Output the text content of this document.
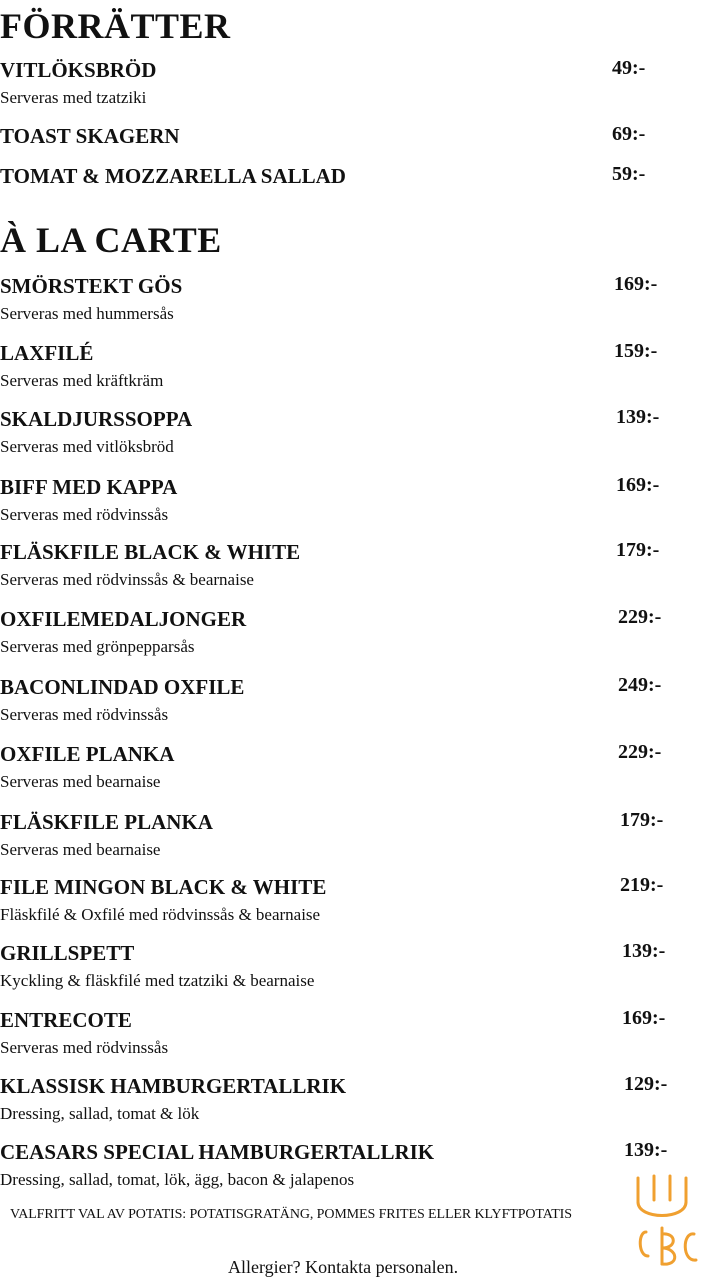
FÖRRÄTTER
VITLÖKSBRÖD
Serveras med tzatziki
49:-
TOAST SKAGERN	69:-
TOMAT & MOZZARELLA SALLAD	59:-
À LA CARTE
SMÖRSTEKT GÖS
Serveras med hummersås
169:-
LAXFILÉ
Serveras med kräftkräm
159:-
SKALDJURSSOPPA
Serveras med vitlöksbröd
139:-
BIFF MED KAPPA
Serveras med rödvinssås
169:-
FLÄSKFILE BLACK & WHITE
Serveras med rödvinssås & bearnaise
179:-
OXFILEMEDALJONGER
Serveras med grönpepparsås
229:-
BACONLINDAD OXFILE
Serveras med rödvinssås
249:-
OXFILE PLANKA
Serveras med bearnaise
229:-
FLÄSKFILE PLANKA
Serveras med bearnaise
179:-
FILE MINGON BLACK & WHITE
Fläskfilé & Oxfilé med rödvinssås & bearnaise
219:-
GRILLSPETT
Kyckling & fläskfilé med tzatziki & bearnaise
139:-
ENTRECOTE
Serveras med rödvinssås
169:-
KLASSISK HAMBURGERTALLRIK
Dressing, sallad, tomat & lök
129:-
CEASARS SPECIAL HAMBURGERTALLRIK
Dressing, sallad, tomat, lök, ägg, bacon & jalapenos
139:-
VALFRITT VAL AV POTATIS: POTATISGRATÄNG, POMMES FRITES ELLER KLYFTPOTATIS
Allergier? Kontakta personalen.
